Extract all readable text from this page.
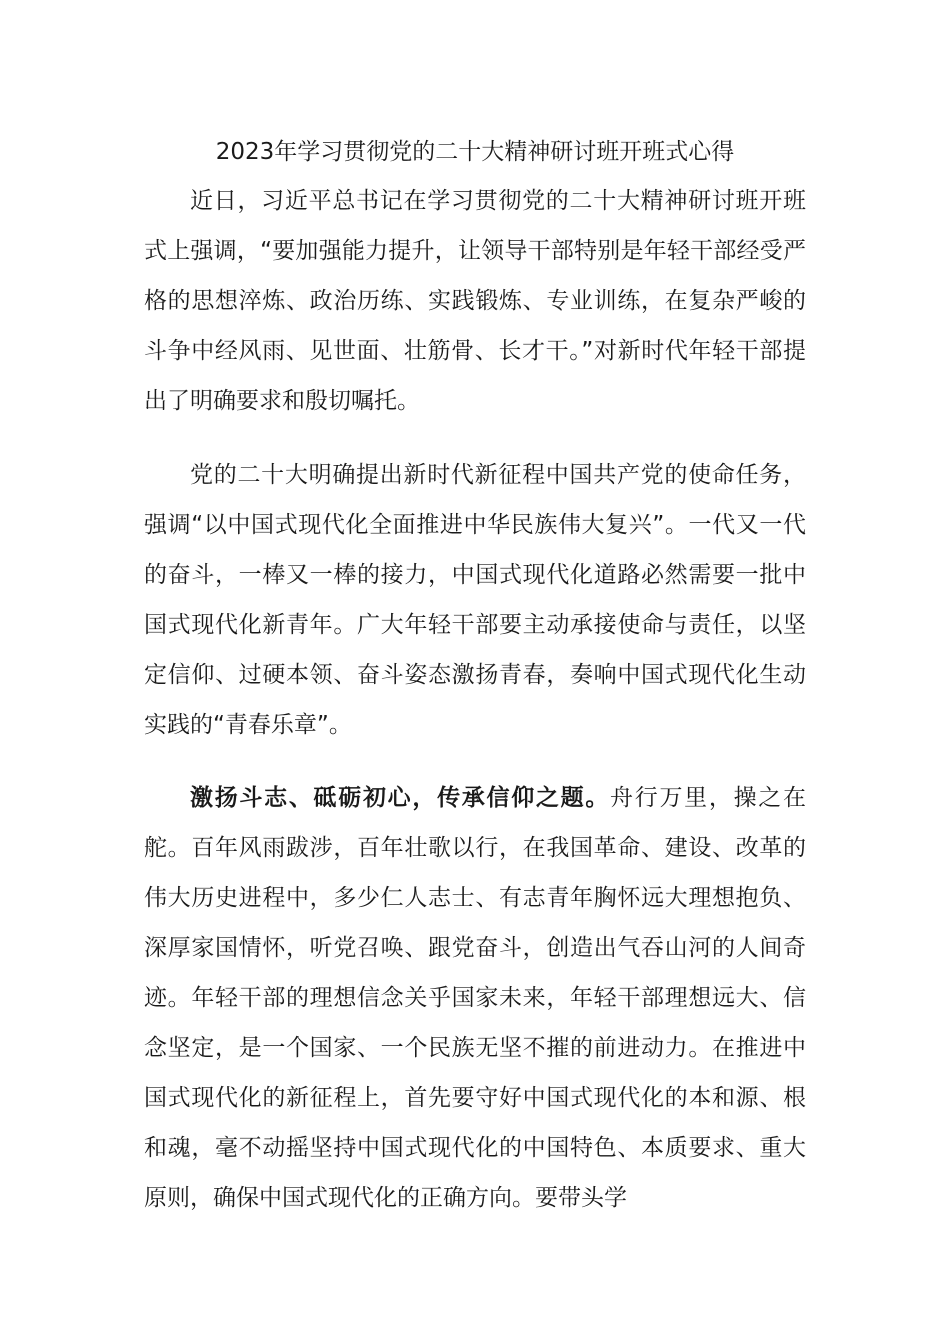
2023年学习贯彻党的二十大精神研讨班开班式心得

近日，习近平总书记在学习贯彻党的二十大精神研讨班开班式上强调，“要加强能力提升，让领导干部特别是年轻干部经受严格的思想淬炼、政治历练、实践锻炼、专业训练，在复杂严峻的斗争中经风雨、见世面、壮筋骨、长才干。”对新时代年轻干部提出了明确要求和殷切嘱托。

党的二十大明确提出新时代新征程中国共产党的使命任务，强调“以中国式现代化全面推进中华民族伟大复兴”。一代又一代的奋斗，一棒又一棒的接力，中国式现代化道路必然需要一批中国式现代化新青年。广大年轻干部要主动承接使命与责任，以坚定信仰、过硬本领、奋斗姿态激扬青春，奏响中国式现代化生动实践的“青春乐章”。

激扬斗志、砥砺初心，传承信仰之题。舟行万里，操之在舵。百年风雨跋涉，百年壮歌以行，在我国革命、建设、改革的伟大历史进程中，多少仁人志士、有志青年胸怀远大理想抱负、深厚家国情怀，听党召唤、跟党奋斗，创造出气吞山河的人间奇迹。年轻干部的理想信念关乎国家未来，年轻干部理想远大、信念坚定，是一个国家、一个民族无坚不摧的前进动力。在推进中国式现代化的新征程上，首先要守好中国式现代化的本和源、根和魂，毫不动摇坚持中国式现代化的中国特色、本质要求、重大原则，确保中国式现代化的正确方向。要带头学
